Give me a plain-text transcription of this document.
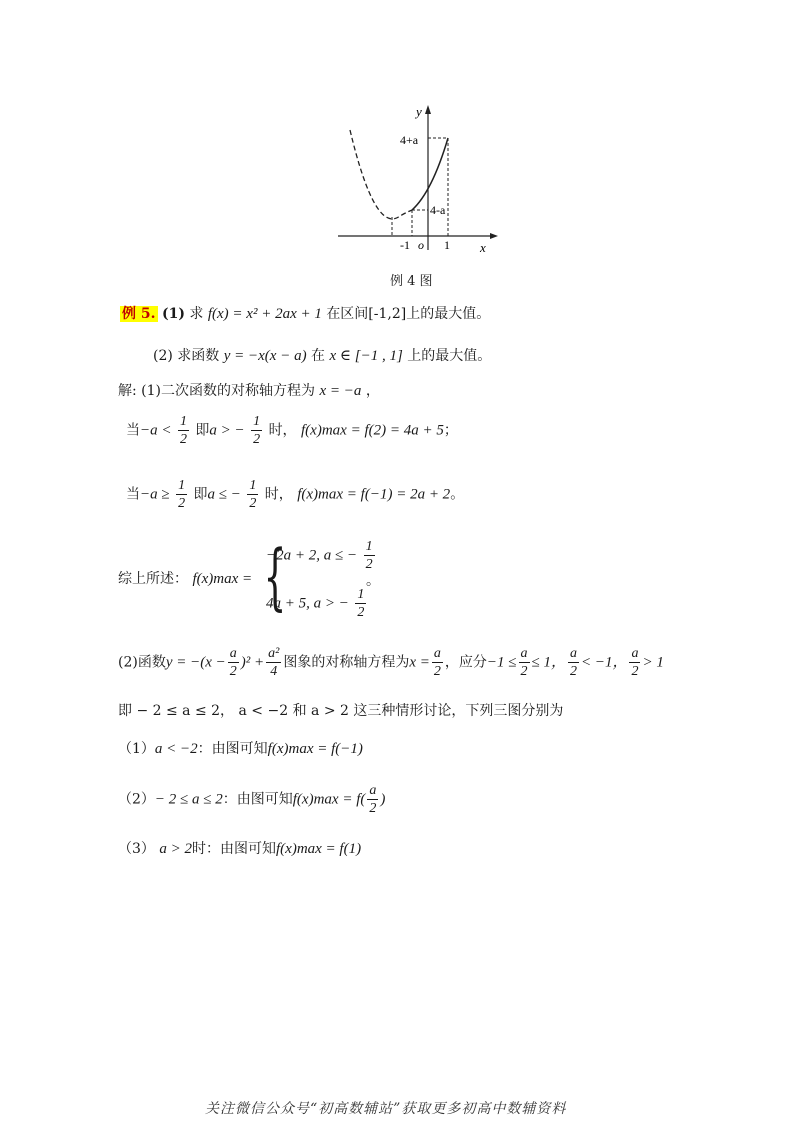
y
x
o
-1	1
4+a
4-a
例 4 图
例 5. (1) 求 f(x) = x² + 2ax + 1 在区间[-1,2]上的最大值。
(2) 求函数 y = −x(x − a) 在 x ∈ [−1 , 1] 上的最大值。
解: (1)二次函数的对称轴方程为 x = −a ，
当$-a < \frac{1}{2}$ 即a > − $\frac{1}{2}$ 时， f(x)max = f(2) = 4a + 5；
当$-a \ge \frac{1}{2}$ 即a ≤ − $\frac{1}{2}$ 时， f(x)max = f(−1) = 2a + 2。
综上所述： f(x)max = {
−2a + 2, a ≤ − $\frac{1}{2}$
4a + 5, a > − $\frac{1}{2}$
。
(2)函数$y = -(x - \frac{a}{2} )^2 + \frac{\text{a²}}{4}$ 图象的对称轴方程为$x = \frac{a}{2}$ ，应分$-1 \le \frac{a}{2} \le 1$， $\frac{a}{2} < -1$， $\frac{a}{2} > 1$
即 − 2 ≤ a ≤ 2， a < −2 和 a > 2 这三种情形讨论，下列三图分别为
（1）a < −2：由图可知f(x)max = f(−1)
（2）− 2 ≤ a ≤ 2：由图可知$f(x)\max = f( \frac{a}{2}$ )
（3） a > 2时：由图可知f(x)max = f(1)
关注微信公众号“初高数辅站”获取更多初高中数辅资料
